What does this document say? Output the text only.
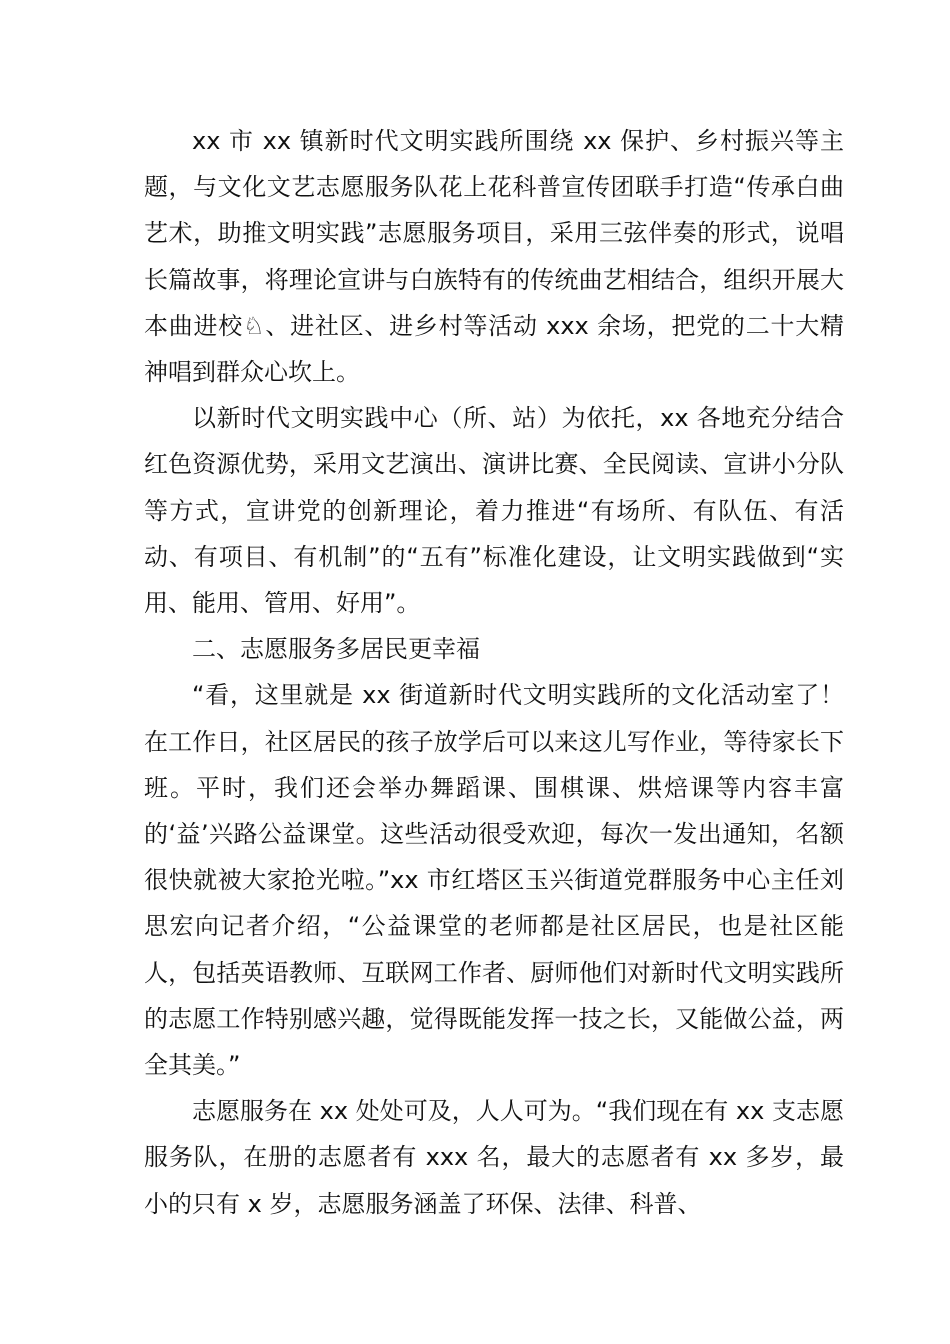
xx 市 xx 镇新时代文明实践所围绕 xx 保护、乡村振兴等主题，与文化文艺志愿服务队花上花科普宣传团联手打造“传承白曲艺术，助推文明实践”志愿服务项目，采用三弦伴奏的形式，说唱长篇故事，将理论宣讲与白族特有的传统曲艺相结合，组织开展大本曲进校♘、进社区、进乡村等活动 xxx 余场，把党的二十大精神唱到群众心坎上。

以新时代文明实践中心（所、站）为依托，xx 各地充分结合红色资源优势，采用文艺演出、演讲比赛、全民阅读、宣讲小分队等方式，宣讲党的创新理论，着力推进“有场所、有队伍、有活动、有项目、有机制”的“五有”标准化建设，让文明实践做到“实用、能用、管用、好用”。

二、志愿服务多居民更幸福

“看，这里就是 xx 街道新时代文明实践所的文化活动室了！在工作日，社区居民的孩子放学后可以来这儿写作业，等待家长下班。平时，我们还会举办舞蹈课、围棋课、烘焙课等内容丰富的‘益’兴路公益课堂。这些活动很受欢迎，每次一发出通知，名额很快就被大家抢光啦。”xx 市红塔区玉兴街道党群服务中心主任刘思宏向记者介绍，“公益课堂的老师都是社区居民，也是社区能人，包括英语教师、互联网工作者、厨师他们对新时代文明实践所的志愿工作特别感兴趣，觉得既能发挥一技之长，又能做公益，两全其美。”

志愿服务在 xx 处处可及，人人可为。“我们现在有 xx 支志愿服务队，在册的志愿者有 xxx 名，最大的志愿者有 xx 多岁，最小的只有 x 岁，志愿服务涵盖了环保、法律、科普、
